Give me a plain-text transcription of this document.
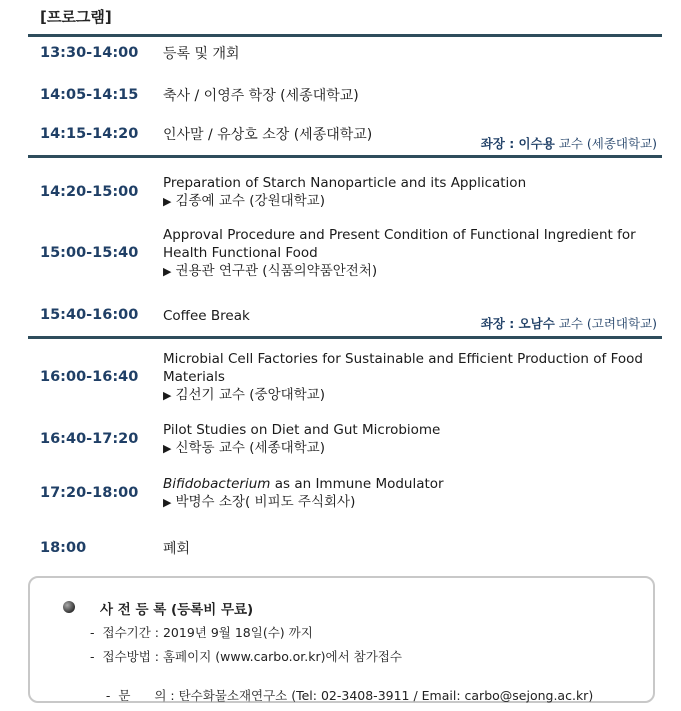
[프로그램]
13:30-14:00 등록 및 개회
14:05-14:15 축사 / 이영주 학장 (세종대학교)
14:15-14:20 인사말 / 유상호 소장 (세종대학교)
좌장 : 이수용 교수 (세종대학교)
14:20-15:00
Preparation of Starch Nanoparticle and its Application
▶ 김종예 교수 (강원대학교)
15:00-15:40
Approval Procedure and Present Condition of Functional Ingredient for Health Functional Food
▶ 권용관 연구관 (식품의약품안전처)
15:40-16:00 Coffee Break	좌장 : 오남수 교수 (고려대학교)
16:00-16:40
Microbial Cell Factories for Sustainable and Efficient Production of Food Materials
▶ 김선기 교수 (중앙대학교)
16:40-17:20
Pilot Studies on Diet and Gut Microbiome
▶ 신학동 교수 (세종대학교)
17:20-18:00
Bifidobacterium as an Immune Modulator
▶ 박명수 소장( 비피도 주식회사)
18:00	폐회
사 전 등 록 (등록비 무료)
- 접수기간 : 2019년 9월 18일(수) 까지
- 접수방법 : 홈페이지 (www.carbo.or.kr)에서 참가접수

- 문      의 : 탄수화물소재연구소 (Tel: 02-3408-3911 / Email: carbo@sejong.ac.kr)
